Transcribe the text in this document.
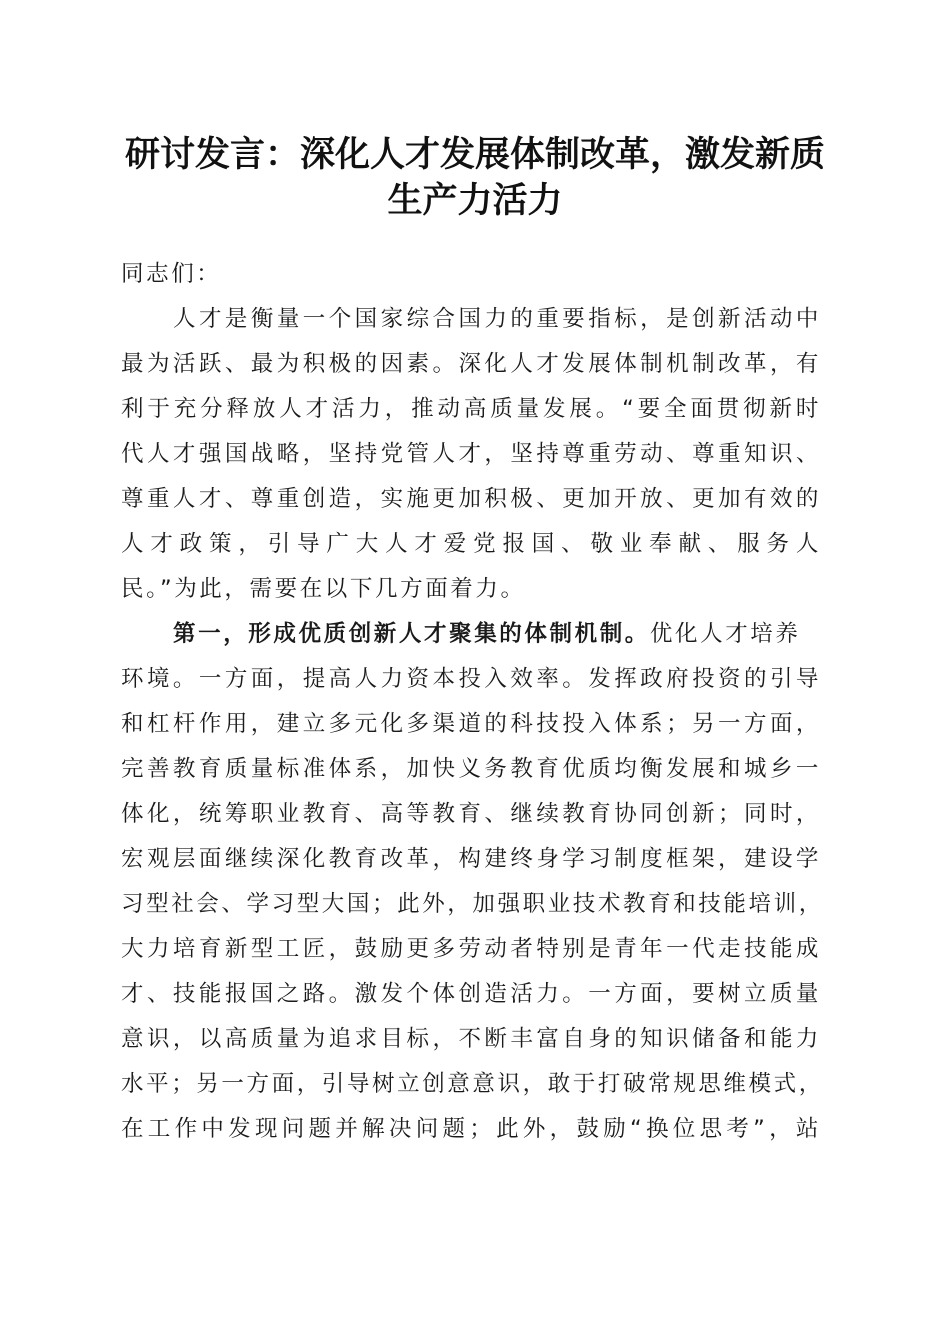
研讨发言：深化人才发展体制改革，激发新质
生产力活力
同志们：
人才是衡量一个国家综合国力的重要指标，是创新活动中
最为活跃、最为积极的因素。深化人才发展体制机制改革，有
利于充分释放人才活力，推动高质量发展。“要全面贯彻新时
代人才强国战略，坚持党管人才，坚持尊重劳动、尊重知识、
尊重人才、尊重创造，实施更加积极、更加开放、更加有效的
人才政策，引导广大人才爱党报国、敬业奉献、服务人
民。”为此，需要在以下几方面着力。
第一，形成优质创新人才聚集的体制机制。优化人才培养
环境。一方面，提高人力资本投入效率。发挥政府投资的引导
和杠杆作用，建立多元化多渠道的科技投入体系；另一方面，
完善教育质量标准体系，加快义务教育优质均衡发展和城乡一
体化，统筹职业教育、高等教育、继续教育协同创新；同时，
宏观层面继续深化教育改革，构建终身学习制度框架，建设学
习型社会、学习型大国；此外，加强职业技术教育和技能培训，
大力培育新型工匠，鼓励更多劳动者特别是青年一代走技能成
才、技能报国之路。激发个体创造活力。一方面，要树立质量
意识，以高质量为追求目标，不断丰富自身的知识储备和能力
水平；另一方面，引导树立创意意识，敢于打破常规思维模式，
在工作中发现问题并解决问题；此外，鼓励“换位思考”，站
